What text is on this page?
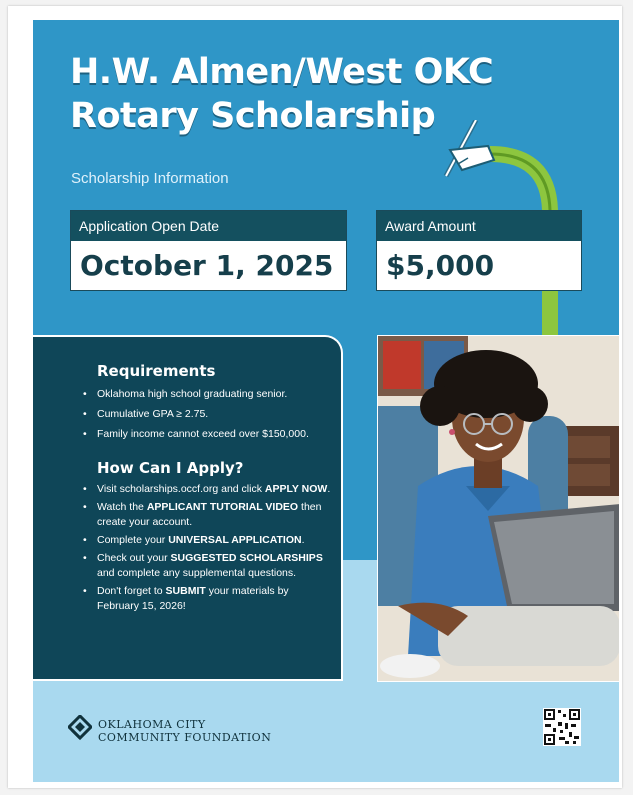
H.W. Almen/West OKC
Rotary Scholarship
Scholarship Information
Application Open Date
October 1, 2025
Award Amount
$5,000
Requirements
• Oklahoma high school graduating senior.
• Cumulative GPA ≥ 2.75.
• Family income cannot exceed over $150,000.
How Can I Apply?
• Visit scholarships.occf.org and click APPLY NOW.
• Watch the APPLICANT TUTORIAL VIDEO then create your account.
• Complete your UNIVERSAL APPLICATION.
• Check out your SUGGESTED SCHOLARSHIPS and complete any supplemental questions.
• Don't forget to SUBMIT your materials by February 15, 2026!
OKLAHOMA CITY
COMMUNITY FOUNDATION
